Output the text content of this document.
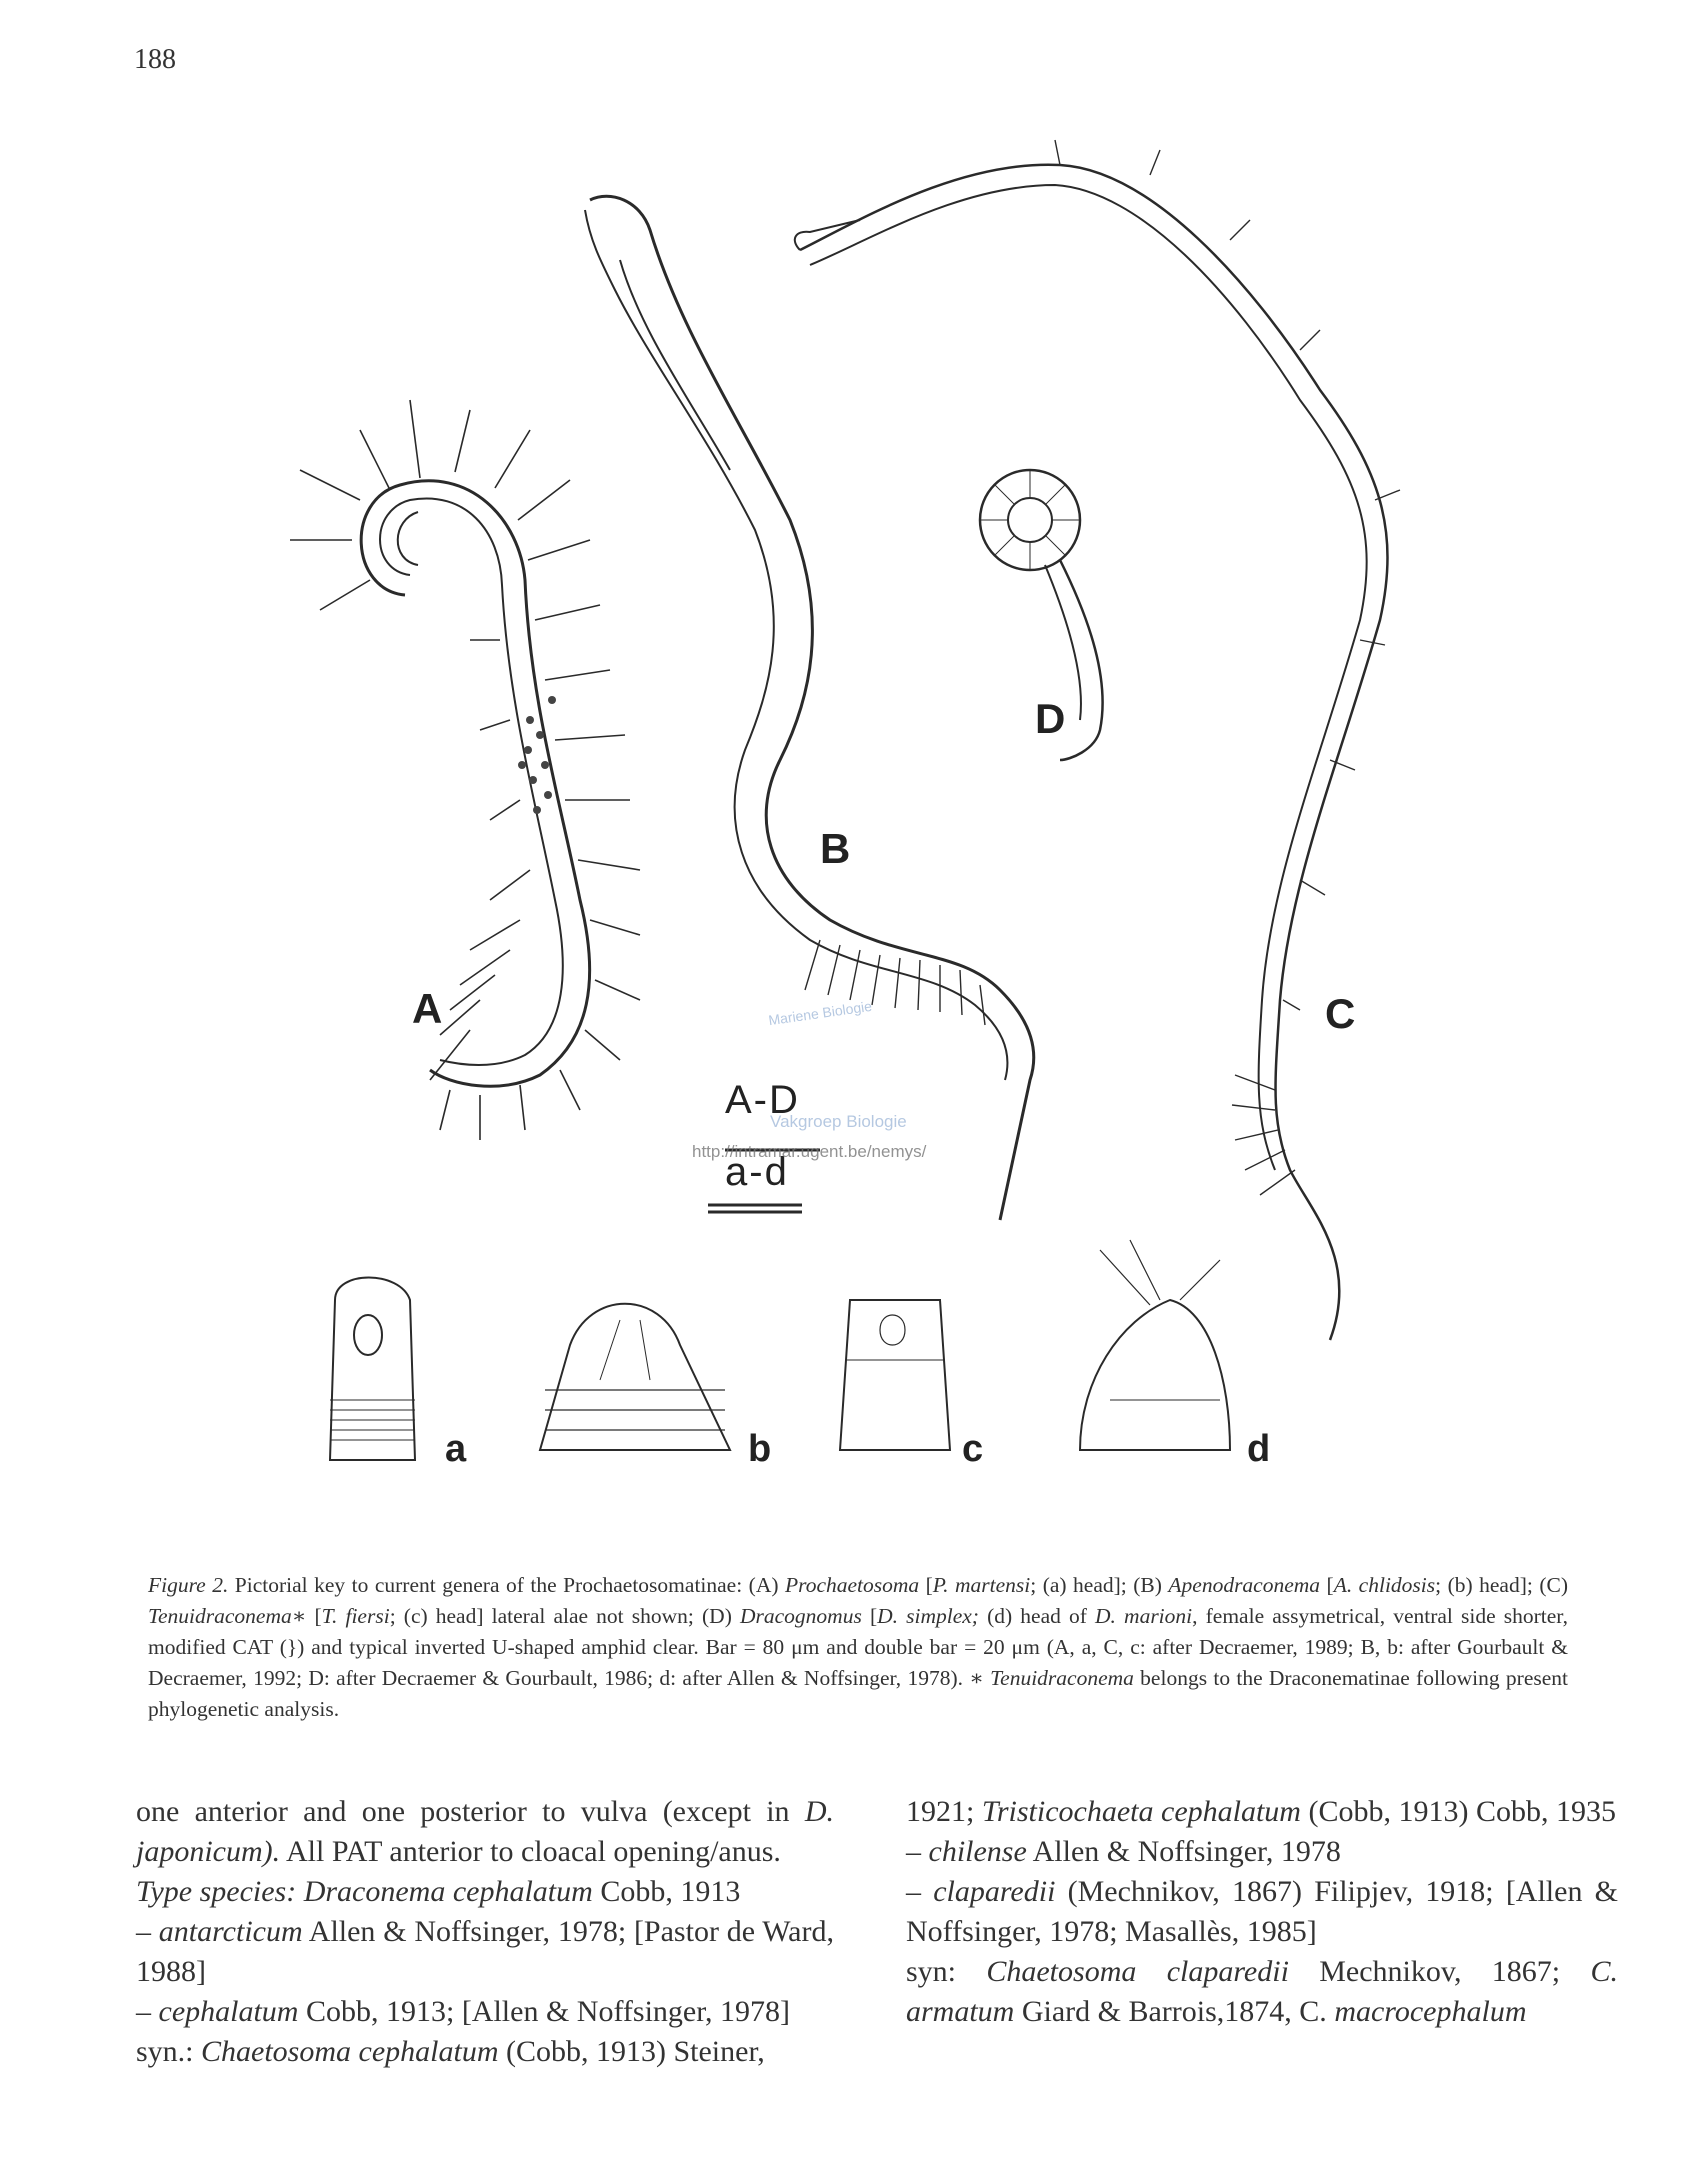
188
A
B
C
D
a	b	c	d
A-D
a-d
Mariene Biologie
Vakgroep Biologie
http://intramar.ugent.be/nemys/
Figure 2. Pictorial key to current genera of the Prochaetosomatinae: (A) Prochaetosoma [P. martensi; (a) head]; (B) Apenodraconema [A. chlidosis; (b) head]; (C) Tenuidraconema∗ [T. fiersi; (c) head] lateral alae not shown; (D) Dracognomus [D. simplex; (d) head of D. marioni, female assymetrical, ventral side shorter, modified CAT (}) and typical inverted U-shaped amphid clear. Bar = 80 μm and double bar = 20 μm (A, a, C, c: after Decraemer, 1989; B, b: after Gourbault & Decraemer, 1992; D: after Decraemer & Gourbault, 1986; d: after Allen & Noffsinger, 1978). ∗ Tenuidraconema belongs to the Draconematinae following present phylogenetic analysis.

one anterior and one posterior to vulva (except in D. japonicum). All PAT anterior to cloacal opening/anus.

Type species: Draconema cephalatum Cobb, 1913

– antarcticum Allen & Noffsinger, 1978; [Pastor de Ward, 1988]

– cephalatum Cobb, 1913; [Allen & Noffsinger, 1978]

syn.: Chaetosoma cephalatum (Cobb, 1913) Steiner,

1921; Tristicochaeta cephalatum (Cobb, 1913) Cobb, 1935

– chilense Allen & Noffsinger, 1978

– claparedii (Mechnikov, 1867) Filipjev, 1918; [Allen & Noffsinger, 1978; Masallès, 1985]

syn: Chaetosoma claparedii Mechnikov, 1867; C. armatum Giard & Barrois,1874, C. macrocephalum
